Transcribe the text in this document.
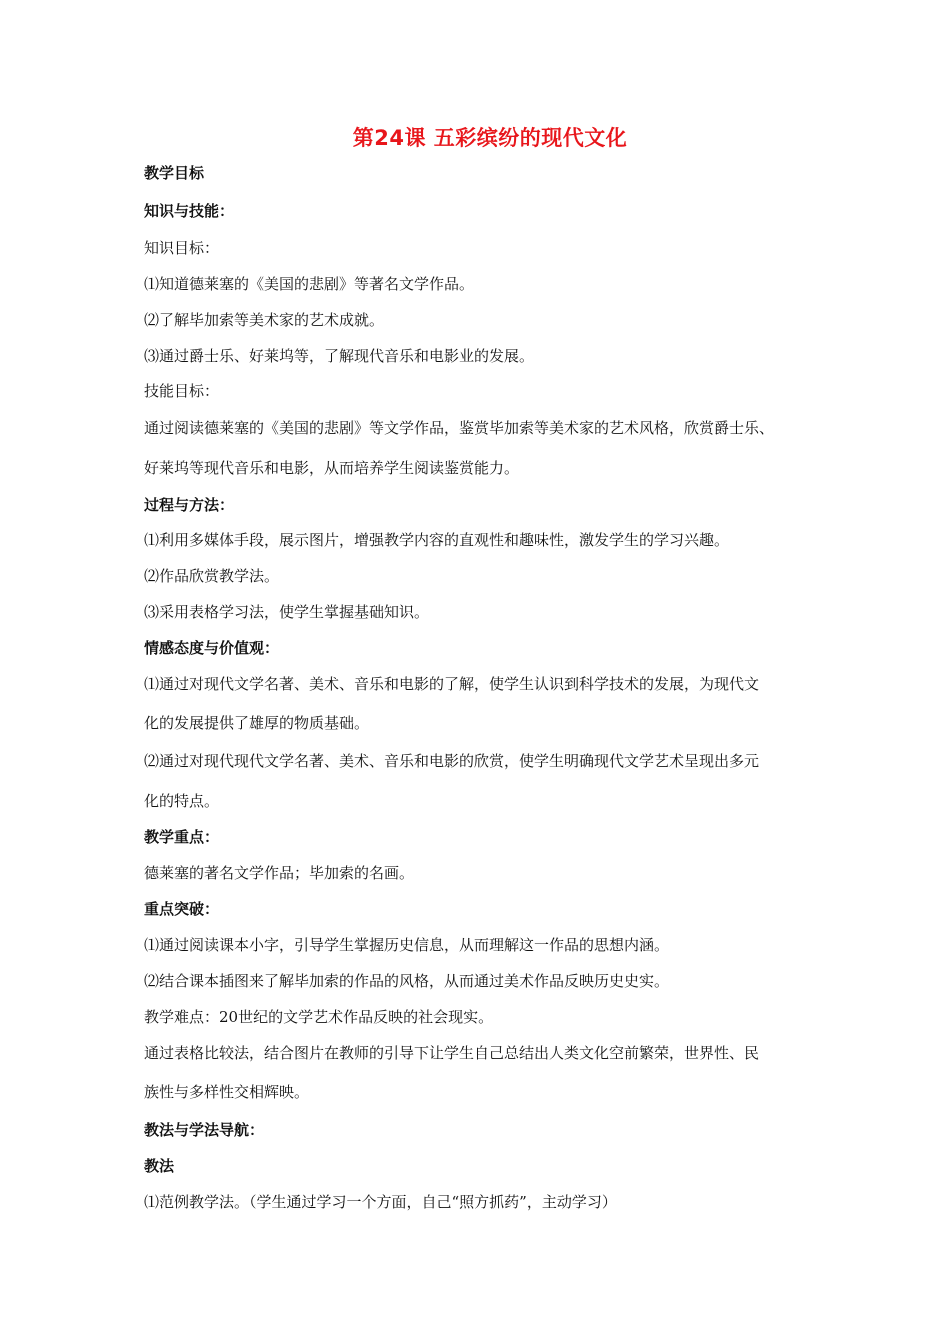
第24课 五彩缤纷的现代文化
教学目标
知识与技能：
知识目标：
⑴知道德莱塞的《美国的悲剧》等著名文学作品。
⑵了解毕加索等美术家的艺术成就。
⑶通过爵士乐、好莱坞等，了解现代音乐和电影业的发展。
技能目标：
通过阅读德莱塞的《美国的悲剧》等文学作品，鉴赏毕加索等美术家的艺术风格，欣赏爵士乐、
好莱坞等现代音乐和电影，从而培养学生阅读鉴赏能力。
过程与方法：
⑴利用多媒体手段，展示图片，增强教学内容的直观性和趣味性，激发学生的学习兴趣。
⑵作品欣赏教学法。
⑶采用表格学习法，使学生掌握基础知识。
情感态度与价值观：
⑴通过对现代文学名著、美术、音乐和电影的了解，使学生认识到科学技术的发展，为现代文
化的发展提供了雄厚的物质基础。
⑵通过对现代现代文学名著、美术、音乐和电影的欣赏，使学生明确现代文学艺术呈现出多元
化的特点。
教学重点：
德莱塞的著名文学作品；毕加索的名画。
重点突破：
⑴通过阅读课本小字，引导学生掌握历史信息，从而理解这一作品的思想内涵。
⑵结合课本插图来了解毕加索的作品的风格，从而通过美术作品反映历史史实。
教学难点：20世纪的文学艺术作品反映的社会现实。
通过表格比较法，结合图片在教师的引导下让学生自己总结出人类文化空前繁荣，世界性、民
族性与多样性交相辉映。
教法与学法导航：
教法
⑴范例教学法。（学生通过学习一个方面，自己“照方抓药”，主动学习）
